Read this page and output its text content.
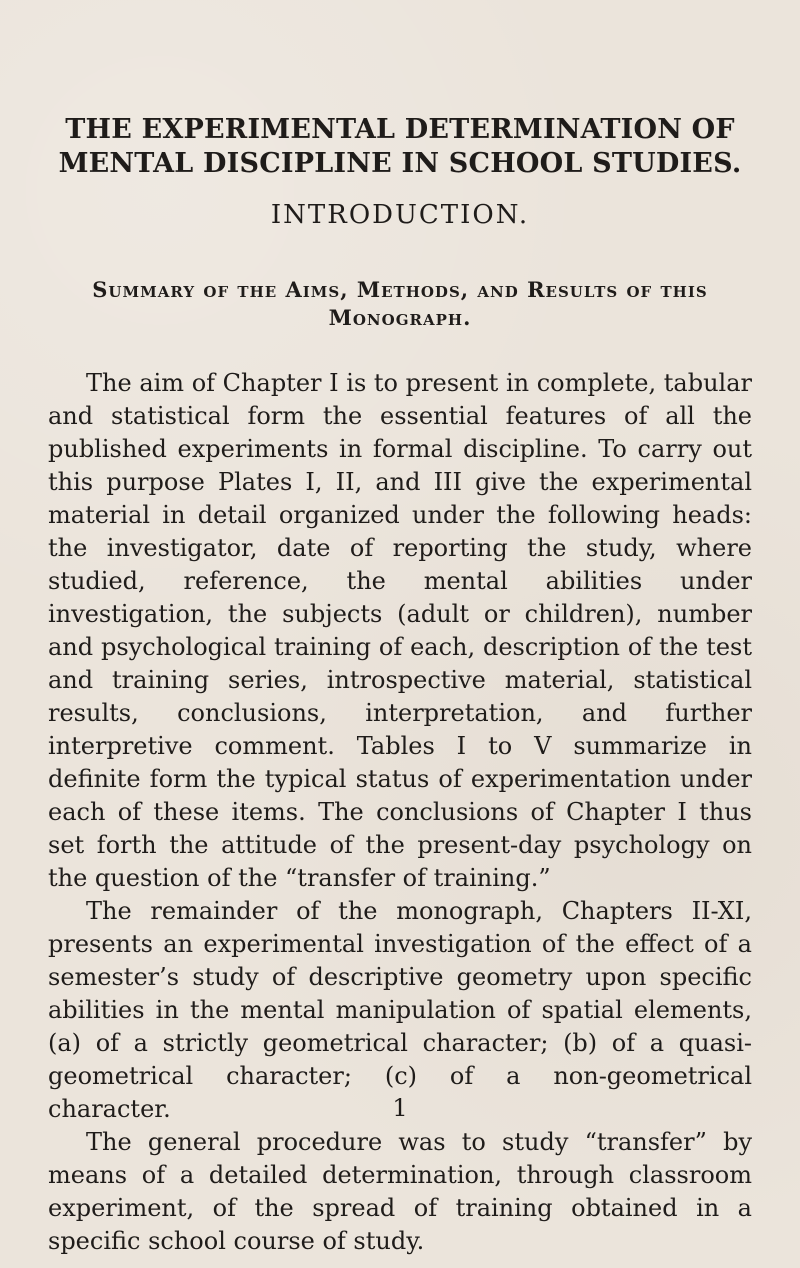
THE EXPERIMENTAL DETERMINATION OF MENTAL DISCIPLINE IN SCHOOL STUDIES.
INTRODUCTION.
Summary of the Aims, Methods, and Results of this Monograph.

The aim of Chapter I is to present in complete, tabular and statistical form the essential features of all the published experiments in formal discipline. To carry out this purpose Plates I, II, and III give the experimental material in detail organized under the following heads: the investigator, date of reporting the study, where studied, reference, the mental abilities under investigation, the subjects (adult or children), number and psychological training of each, description of the test and training series, introspective material, statistical results, conclusions, interpretation, and further interpretive comment. Tables I to V summarize in definite form the typical status of experimentation under each of these items. The conclusions of Chapter I thus set forth the attitude of the present-day psychology on the question of the “transfer of training.”

The remainder of the monograph, Chapters II-XI, presents an experimental investigation of the effect of a semester’s study of descriptive geometry upon specific abilities in the mental manipulation of spatial elements, (a) of a strictly geometrical character; (b) of a quasi-geometrical character; (c) of a non-geometrical character.

The general procedure was to study “transfer” by means of a detailed determination, through classroom experiment, of the spread of training obtained in a specific school course of study.

1
